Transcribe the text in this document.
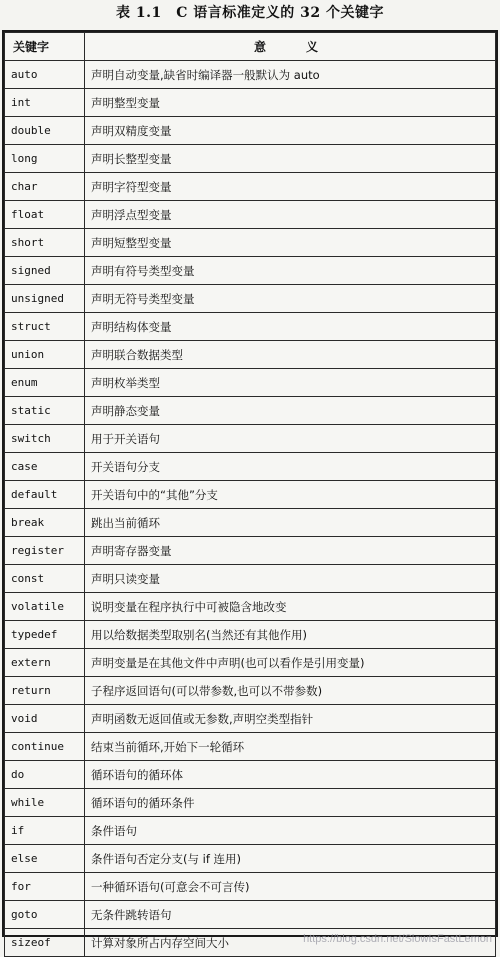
表 1.1　C 语言标准定义的 32 个关键字
关键字	意　义
auto	声明自动变量,缺省时编译器一般默认为 auto
int	声明整型变量
double	声明双精度变量
long	声明长整型变量
char	声明字符型变量
float	声明浮点型变量
short	声明短整型变量
signed	声明有符号类型变量
unsigned	声明无符号类型变量
struct	声明结构体变量
union	声明联合数据类型
enum	声明枚举类型
static	声明静态变量
switch	用于开关语句
case	开关语句分支
default	开关语句中的“其他”分支
break	跳出当前循环
register	声明寄存器变量
const	声明只读变量
volatile	说明变量在程序执行中可被隐含地改变
typedef	用以给数据类型取别名(当然还有其他作用)
extern	声明变量是在其他文件中声明(也可以看作是引用变量)
return	子程序返回语句(可以带参数,也可以不带参数)
void	声明函数无返回值或无参数,声明空类型指针
continue	结束当前循环,开始下一轮循环
do	循环语句的循环体
while	循环语句的循环条件
if	条件语句
else	条件语句否定分支(与 if 连用)
for	一种循环语句(可意会不可言传)
goto	无条件跳转语句
sizeof	计算对象所占内存空间大小	https://blog.csdn.net/SlowIsFastLemon
